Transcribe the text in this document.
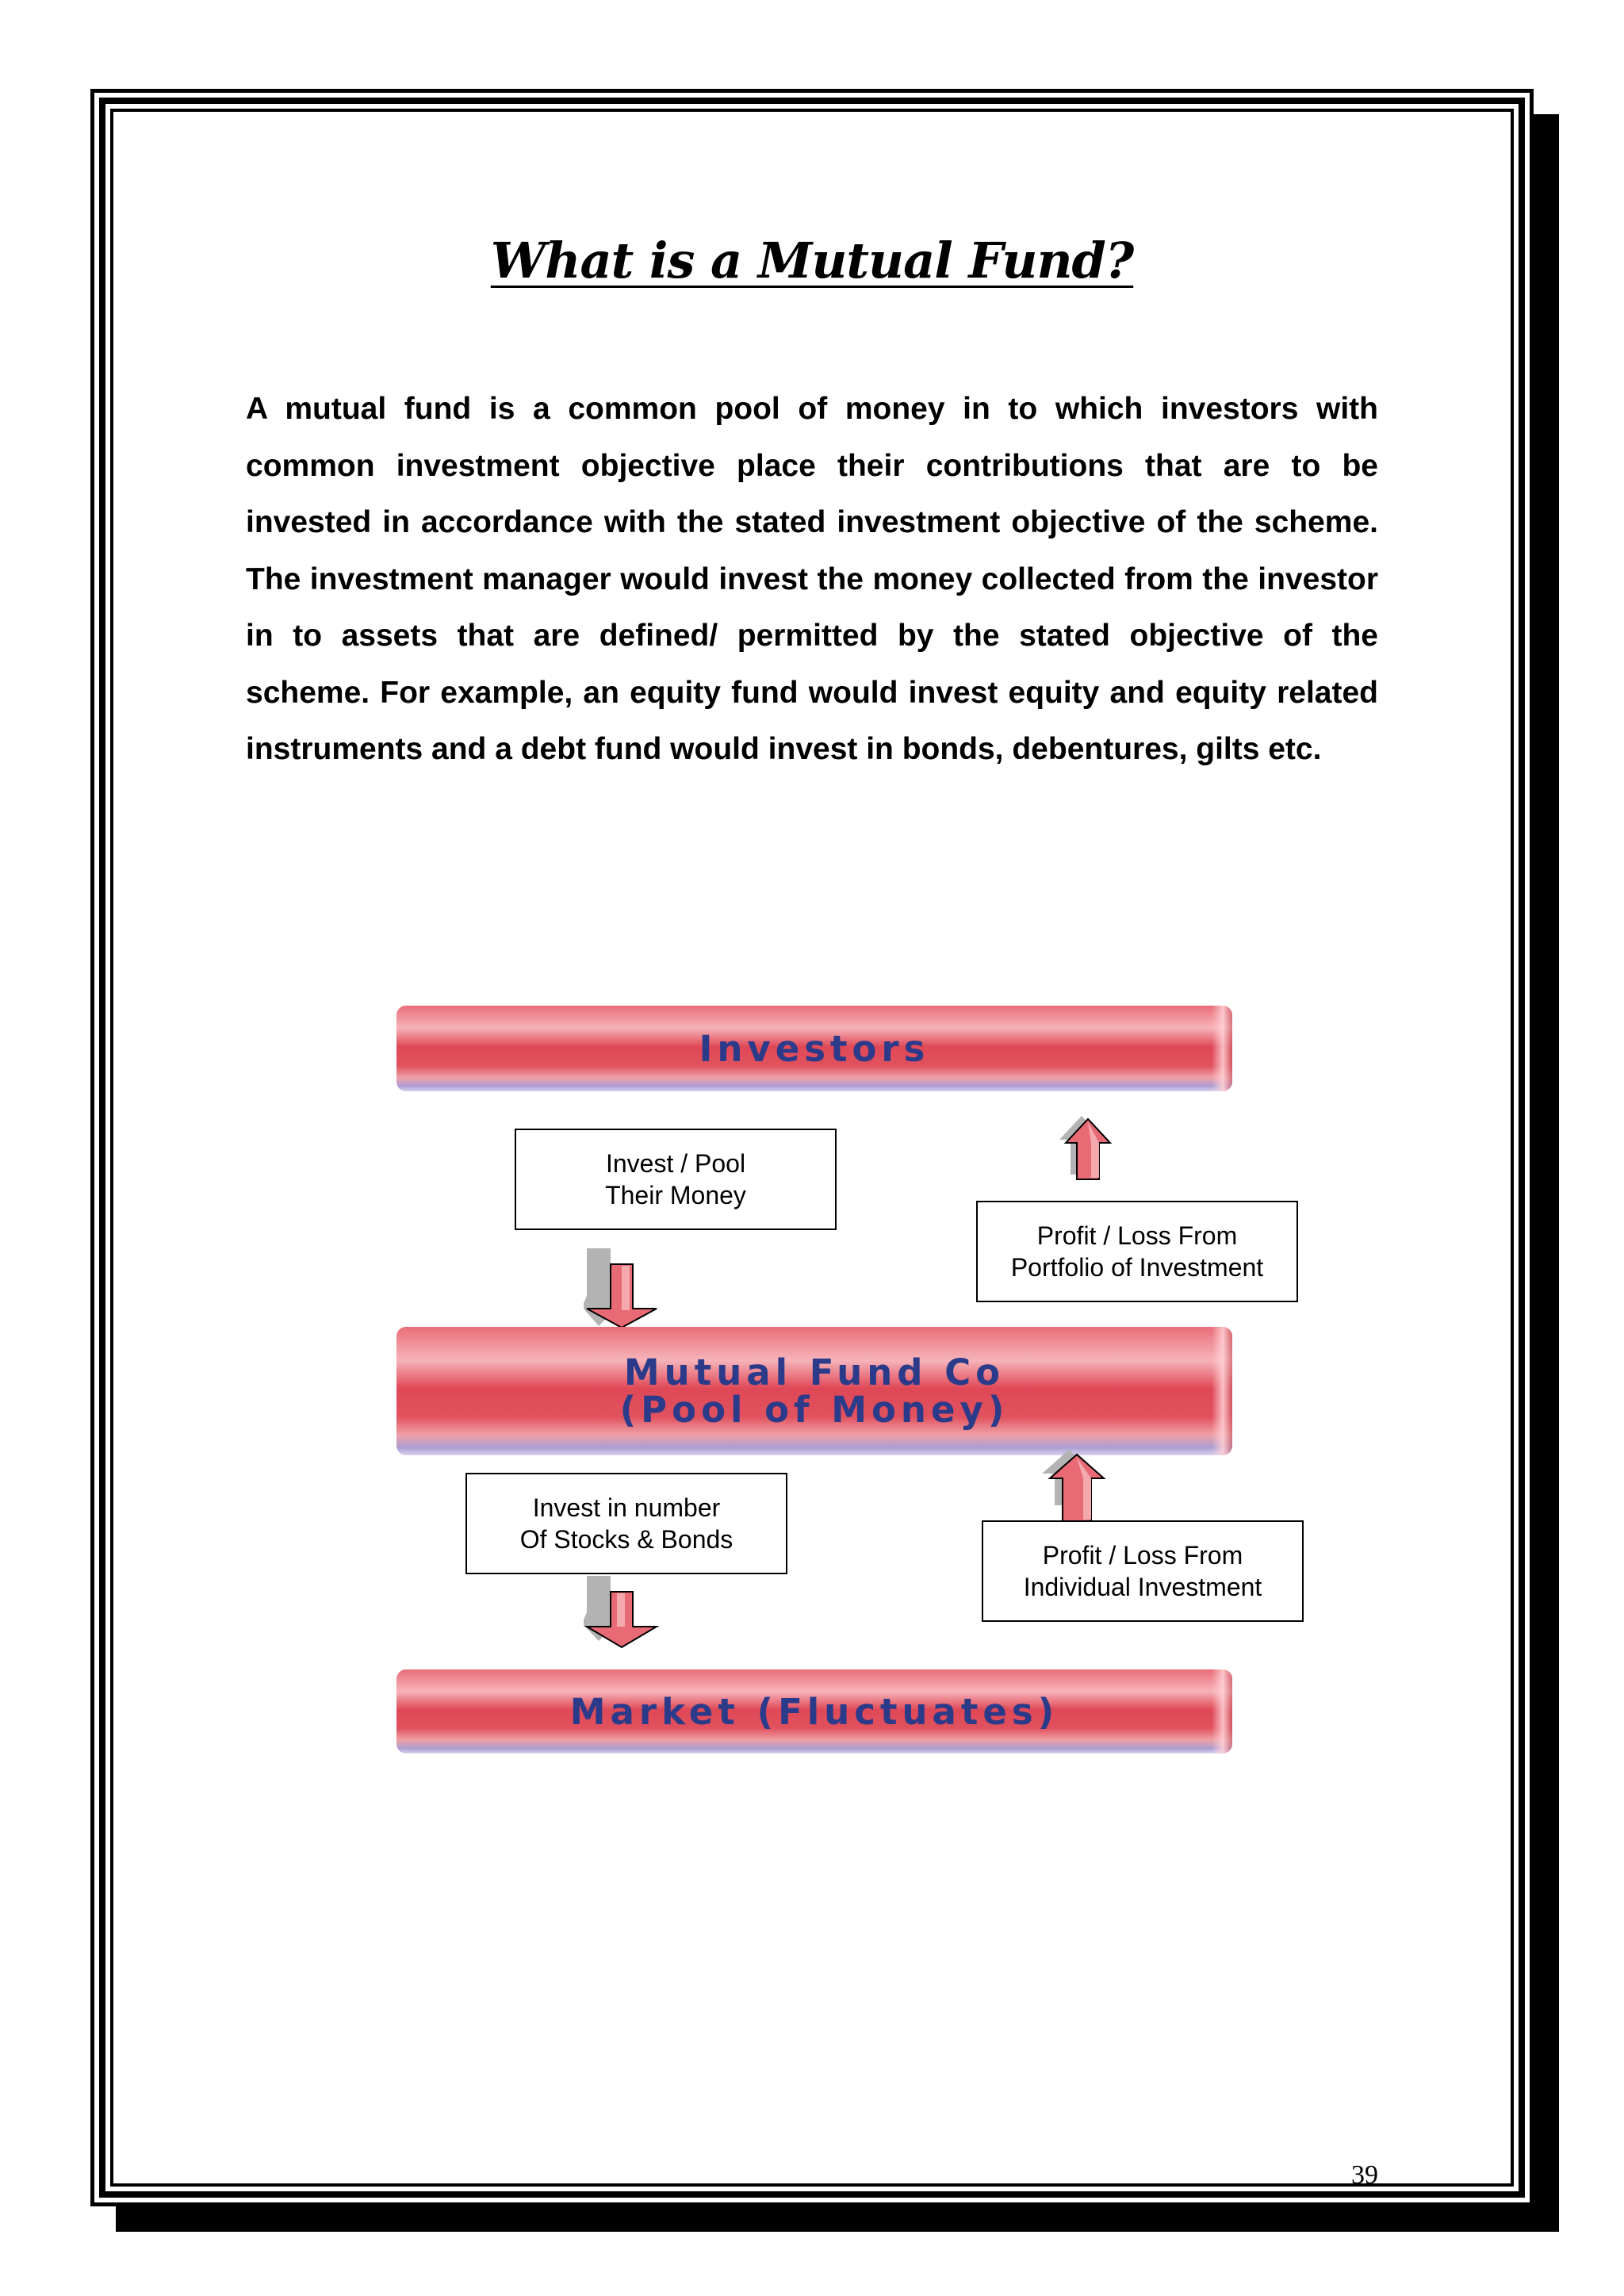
What is a Mutual Fund?

A mutual fund is a common pool of money in to which investors with common investment objective place their contributions that are to be invested in accordance with the stated investment objective of the scheme. The investment manager would invest the money collected from the investor in to assets that are defined/ permitted by the stated objective of the scheme. For example, an equity fund would invest equity and equity related instruments and a debt fund would invest in bonds, debentures, gilts etc.

Investors
Invest / Pool
Their Money
Profit / Loss From
Portfolio of Investment
Mutual Fund Co
(Pool of Money)
Invest in number
Of Stocks & Bonds
Profit / Loss From
Individual Investment
Market (Fluctuates)
39
